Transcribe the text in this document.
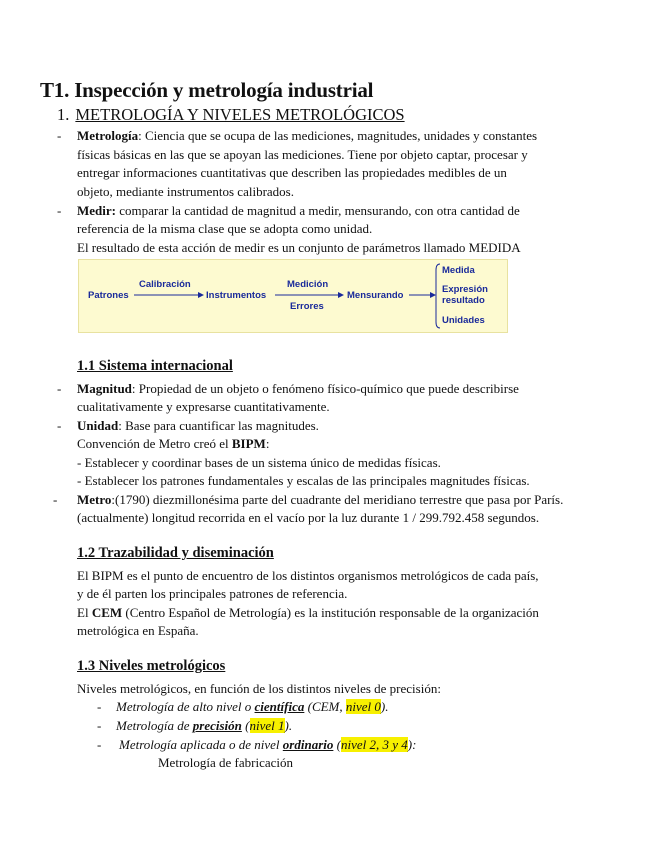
T1. Inspección y metrología industrial
1. METROLOGÍA Y NIVELES METROLÓGICOS
- Metrología: Ciencia que se ocupa de las mediciones, magnitudes, unidades y constantes
físicas básicas en las que se apoyan las mediciones. Tiene por objeto captar, procesar y
entregar informaciones cuantitativas que describen las propiedades medibles de un
objeto, mediante instrumentos calibrados.
- Medir: comparar la cantidad de magnitud a medir, mensurando, con otra cantidad de
referencia de la misma clase que se adopta como unidad.
El resultado de esta acción de medir es un conjunto de parámetros llamado MEDIDA
Patrones
Calibración
Instrumentos
Medición
Errores
Mensurando
Medida
Expresión
resultado
Unidades
1.1 Sistema internacional
- Magnitud: Propiedad de un objeto o fenómeno físico-químico que puede describirse
cualitativamente y expresarse cuantitativamente.
- Unidad: Base para cuantificar las magnitudes.
Convención de Metro creó el BIPM:
- Establecer y coordinar bases de un sistema único de medidas físicas.
- Establecer los patrones fundamentales y escalas de las principales magnitudes físicas.
- Metro:(1790) diezmillonésima parte del cuadrante del meridiano terrestre que pasa por París.
(actualmente) longitud recorrida en el vacío por la luz durante 1 / 299.792.458 segundos.
1.2 Trazabilidad y diseminación
El BIPM es el punto de encuentro de los distintos organismos metrológicos de cada país,
y de él parten los principales patrones de referencia.
El CEM (Centro Español de Metrología) es la institución responsable de la organización
metrológica en España.
1.3 Niveles metrológicos
Niveles metrológicos, en función de los distintos niveles de precisión:
- Metrología de alto nivel o científica (CEM, nivel 0).
- Metrología de precisión (nivel 1).
- Metrología aplicada o de nivel ordinario (nivel 2, 3 y 4):
Metrología de fabricación
